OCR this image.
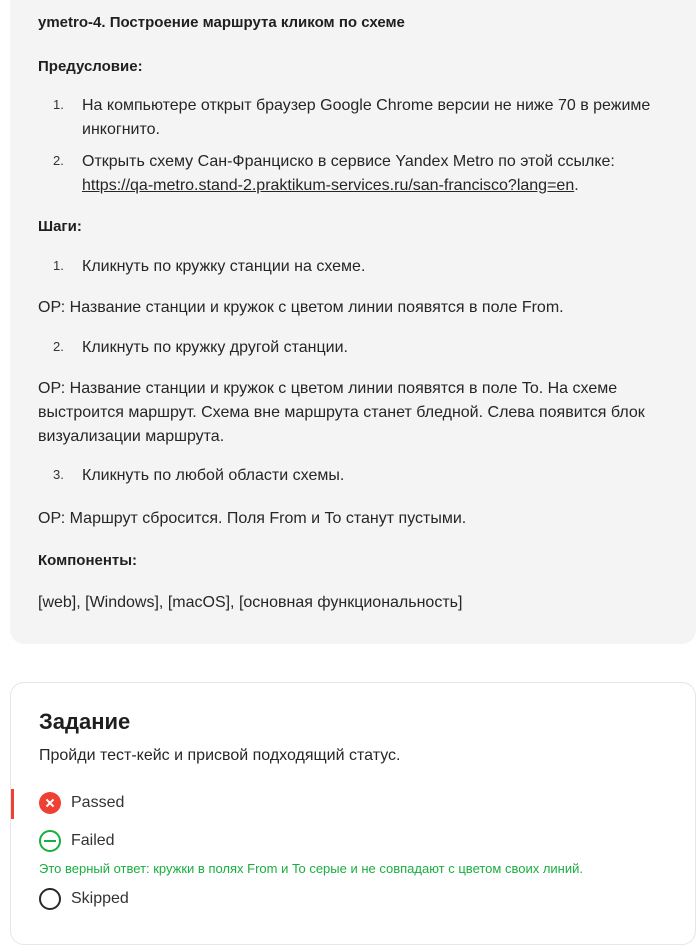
ymetro-4. Построение маршрута кликом по схеме
Предусловие:
1. На компьютере открыт браузер Google Chrome версии не ниже 70 в режиме
инкогнито.
2. Открыть схему Сан-Франциско в сервисе Yandex Metro по этой ссылке:
https://qa-metro.stand-2.praktikum-services.ru/san-francisco?lang=en.
Шаги:
1. Кликнуть по кружку станции на схеме.
ОР: Название станции и кружок с цветом линии появятся в поле From.
2. Кликнуть по кружку другой станции.
ОР: Название станции и кружок с цветом линии появятся в поле To. На схеме
выстроится маршрут. Схема вне маршрута станет бледной. Слева появится блок
визуализации маршрута.
3. Кликнуть по любой области схемы.
ОР: Маршрут сбросится. Поля From и To станут пустыми.
Компоненты:
[web], [Windows], [macOS], [основная функциональность]
Задание
Пройди тест-кейс и присвой подходящий статус.
Passed
Failed
Это верный ответ: кружки в полях From и To серые и не совпадают с цветом своих линий.
Skipped
